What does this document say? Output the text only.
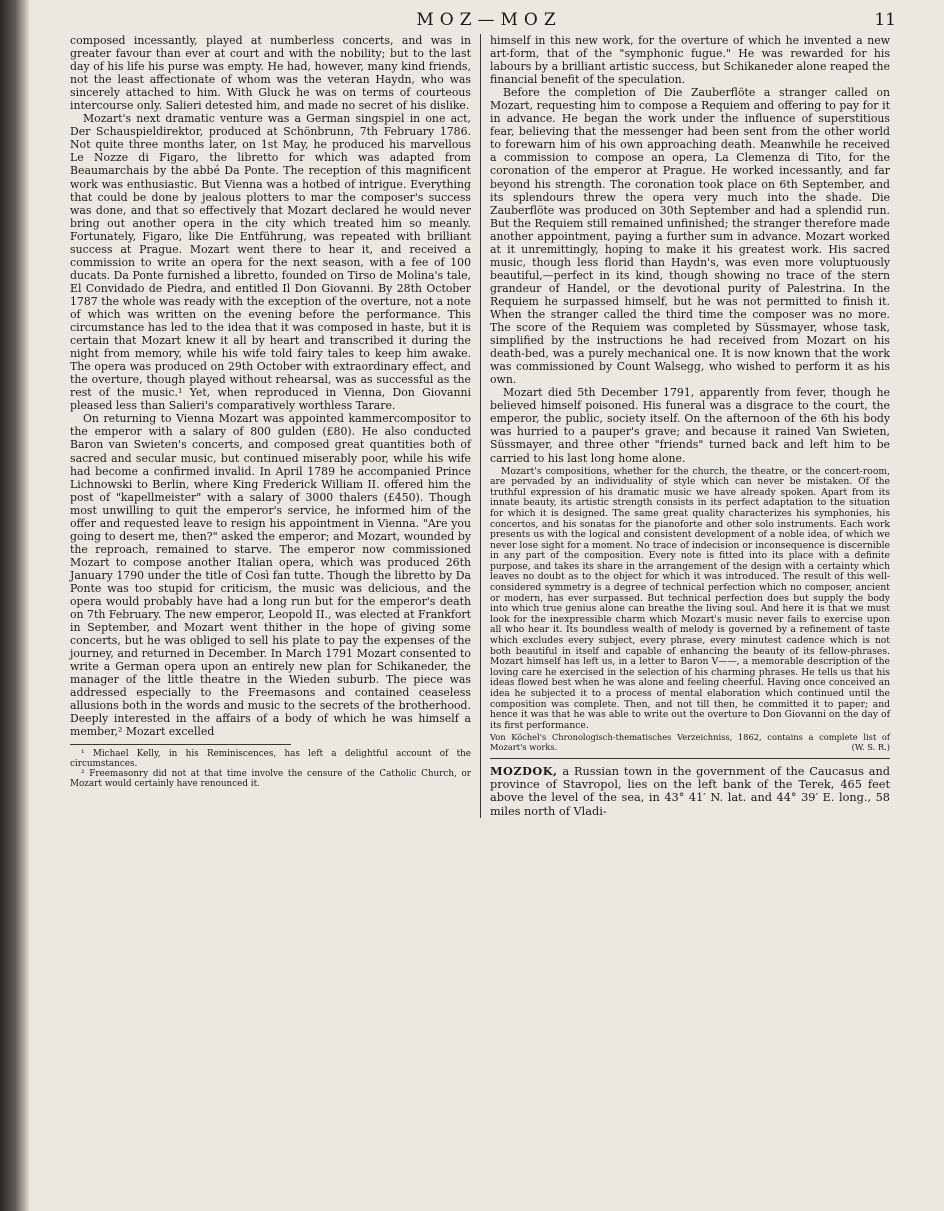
MOZ—MOZ	11

composed incessantly, played at numberless concerts, and was in greater favour than ever at court and with the nobility; but to the last day of his life his purse was empty. He had, however, many kind friends, not the least affectionate of whom was the veteran Haydn, who was sincerely attached to him. With Gluck he was on terms of courteous intercourse only. Salieri detested him, and made no secret of his dislike.

Mozart's next dramatic venture was a German singspiel in one act, Der Schauspieldirektor, produced at Schönbrunn, 7th February 1786. Not quite three months later, on 1st May, he produced his marvellous Le Nozze di Figaro, the libretto for which was adapted from Beaumarchais by the abbé Da Ponte. The reception of this magnificent work was enthusiastic. But Vienna was a hotbed of intrigue. Everything that could be done by jealous plotters to mar the composer's success was done, and that so effectively that Mozart declared he would never bring out another opera in the city which treated him so meanly. Fortunately, Figaro, like Die Entführung, was repeated with brilliant success at Prague. Mozart went there to hear it, and received a commission to write an opera for the next season, with a fee of 100 ducats. Da Ponte furnished a libretto, founded on Tirso de Molina's tale, El Convidado de Piedra, and entitled Il Don Giovanni. By 28th October 1787 the whole was ready with the exception of the overture, not a note of which was written on the evening before the performance. This circumstance has led to the idea that it was composed in haste, but it is certain that Mozart knew it all by heart and transcribed it during the night from memory, while his wife told fairy tales to keep him awake. The opera was produced on 29th October with extraordinary effect, and the overture, though played without rehearsal, was as successful as the rest of the music.¹ Yet, when reproduced in Vienna, Don Giovanni pleased less than Salieri's comparatively worthless Tarare.

On returning to Vienna Mozart was appointed kammercompositor to the emperor with a salary of 800 gulden (£80). He also conducted Baron van Swieten's concerts, and composed great quantities both of sacred and secular music, but continued miserably poor, while his wife had become a confirmed invalid. In April 1789 he accompanied Prince Lichnowski to Berlin, where King Frederick William II. offered him the post of "kapellmeister" with a salary of 3000 thalers (£450). Though most unwilling to quit the emperor's service, he informed him of the offer and requested leave to resign his appointment in Vienna. "Are you going to desert me, then?" asked the emperor; and Mozart, wounded by the reproach, remained to starve. The emperor now commissioned Mozart to compose another Italian opera, which was produced 26th January 1790 under the title of Così fan tutte. Though the libretto by Da Ponte was too stupid for criticism, the music was delicious, and the opera would probably have had a long run but for the emperor's death on 7th February. The new emperor, Leopold II., was elected at Frankfort in September, and Mozart went thither in the hope of giving some concerts, but he was obliged to sell his plate to pay the expenses of the journey, and returned in December. In March 1791 Mozart consented to write a German opera upon an entirely new plan for Schikaneder, the manager of the little theatre in the Wieden suburb. The piece was addressed especially to the Freemasons and contained ceaseless allusions both in the words and music to the secrets of the brotherhood. Deeply interested in the affairs of a body of which he was himself a member,² Mozart excelled

¹ Michael Kelly, in his Reminiscences, has left a delightful account of the circumstances.

² Freemasonry did not at that time involve the censure of the Catholic Church, or Mozart would certainly have renounced it.

himself in this new work, for the overture of which he invented a new art-form, that of the "symphonic fugue." He was rewarded for his labours by a brilliant artistic success, but Schikaneder alone reaped the financial benefit of the speculation.

Before the completion of Die Zauberflöte a stranger called on Mozart, requesting him to compose a Requiem and offering to pay for it in advance. He began the work under the influence of superstitious fear, believing that the messenger had been sent from the other world to forewarn him of his own approaching death. Meanwhile he received a commission to compose an opera, La Clemenza di Tito, for the coronation of the emperor at Prague. He worked incessantly, and far beyond his strength. The coronation took place on 6th September, and its splendours threw the opera very much into the shade. Die Zauberflöte was produced on 30th September and had a splendid run. But the Requiem still remained unfinished; the stranger therefore made another appointment, paying a further sum in advance. Mozart worked at it unremittingly, hoping to make it his greatest work. His sacred music, though less florid than Haydn's, was even more voluptuously beautiful,—perfect in its kind, though showing no trace of the stern grandeur of Handel, or the devotional purity of Palestrina. In the Requiem he surpassed himself, but he was not permitted to finish it. When the stranger called the third time the composer was no more. The score of the Requiem was completed by Süssmayer, whose task, simplified by the instructions he had received from Mozart on his death-bed, was a purely mechanical one. It is now known that the work was commissioned by Count Walsegg, who wished to perform it as his own.

Mozart died 5th December 1791, apparently from fever, though he believed himself poisoned. His funeral was a disgrace to the court, the emperor, the public, society itself. On the afternoon of the 6th his body was hurried to a pauper's grave; and because it rained Van Swieten, Süssmayer, and three other "friends" turned back and left him to be carried to his last long home alone.

Mozart's compositions, whether for the church, the theatre, or the concert-room, are pervaded by an individuality of style which can never be mistaken. Of the truthful expression of his dramatic music we have already spoken. Apart from its innate beauty, its artistic strength consists in its perfect adaptation to the situation for which it is designed. The same great quality characterizes his symphonies, his concertos, and his sonatas for the pianoforte and other solo instruments. Each work presents us with the logical and consistent development of a noble idea, of which we never lose sight for a moment. No trace of indecision or inconsequence is discernible in any part of the composition. Every note is fitted into its place with a definite purpose, and takes its share in the arrangement of the design with a certainty which leaves no doubt as to the object for which it was introduced. The result of this well-considered symmetry is a degree of technical perfection which no composer, ancient or modern, has ever surpassed. But technical perfection does but supply the body into which true genius alone can breathe the living soul. And here it is that we must look for the inexpressible charm which Mozart's music never fails to exercise upon all who hear it. Its boundless wealth of melody is governed by a refinement of taste which excludes every subject, every phrase, every minutest cadence which is not both beautiful in itself and capable of enhancing the beauty of its fellow-phrases. Mozart himself has left us, in a letter to Baron V——, a memorable description of the loving care he exercised in the selection of his charming phrases. He tells us that his ideas flowed best when he was alone and feeling cheerful. Having once conceived an idea he subjected it to a process of mental elaboration which continued until the composition was complete. Then, and not till then, he committed it to paper; and hence it was that he was able to write out the overture to Don Giovanni on the day of its first performance.

Von Köchel's Chronologisch-thematisches Verzeichniss, 1862, contains a complete list of Mozart's works.	(W. S. R.)
MOZDOK, a Russian town in the government of the Caucasus and province of Stavropol, lies on the left bank of the Terek, 465 feet above the level of the sea, in 43° 41′ N. lat. and 44° 39′ E. long., 58 miles north of Vladi-
